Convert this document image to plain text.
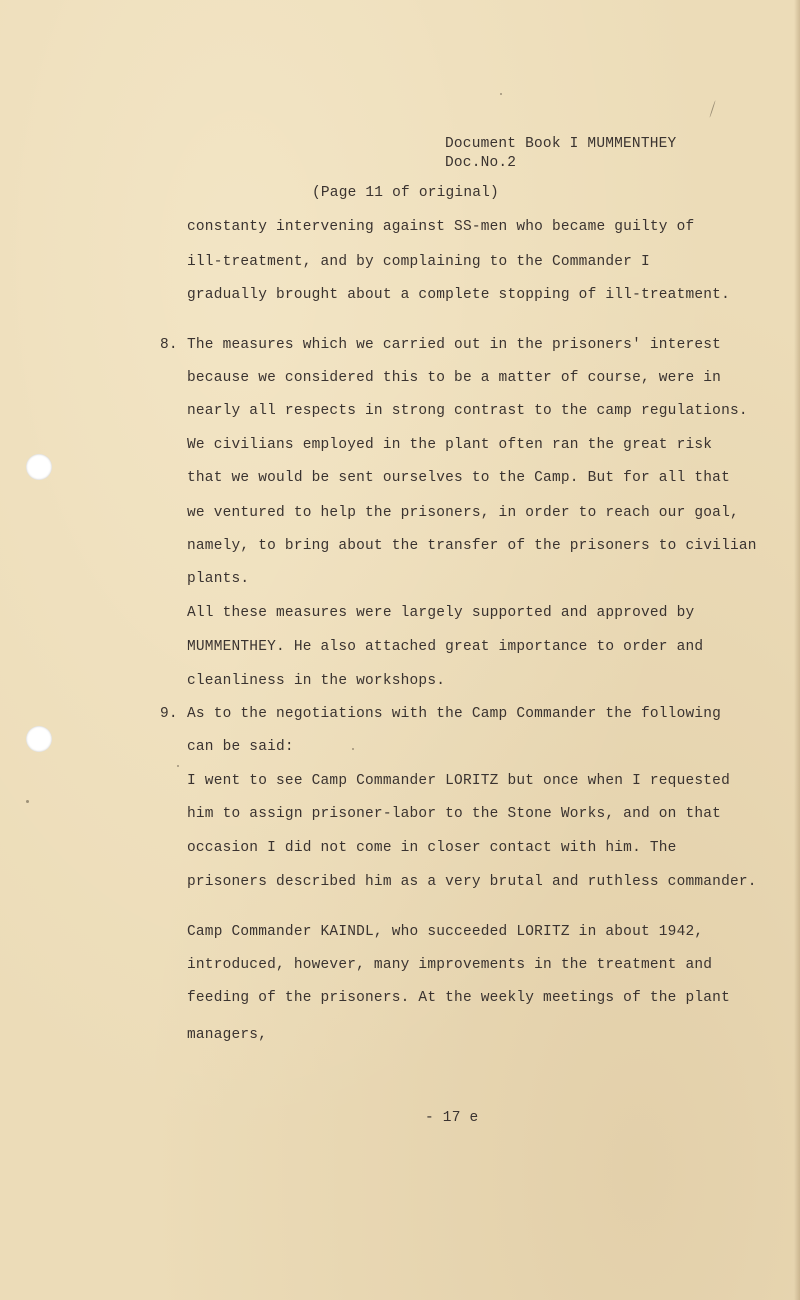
Document Book I MUMMENTHEY
Doc.No.2
(Page 11 of original)
constanty intervening against SS-men who became guilty of
ill-treatment, and by complaining to the Commander I
gradually brought about a complete stopping of ill-treatment.
8. The measures which we carried out in the prisoners' interest
because we considered this to be a matter of course, were in
nearly all respects in strong contrast to the camp regulations.
We civilians employed in the plant often ran the great risk
that we would be sent ourselves to the Camp. But for all that
we ventured to help the prisoners, in order to reach our goal,
namely, to bring about the transfer of the prisoners to civilian
plants.
All these measures were largely supported and approved by
MUMMENTHEY. He also attached great importance to order and
cleanliness in the workshops.
9. As to the negotiations with the Camp Commander the following
can be said:
I went to see Camp Commander LORITZ but once when I requested
him to assign prisoner-labor to the Stone Works, and on that
occasion I did not come in closer contact with him. The
prisoners described him as a very brutal and ruthless commander.
Camp Commander KAINDL, who succeeded LORITZ in about 1942,
introduced, however, many improvements in the treatment and
feeding of the prisoners. At the weekly meetings of the plant
managers,
- 17 e
